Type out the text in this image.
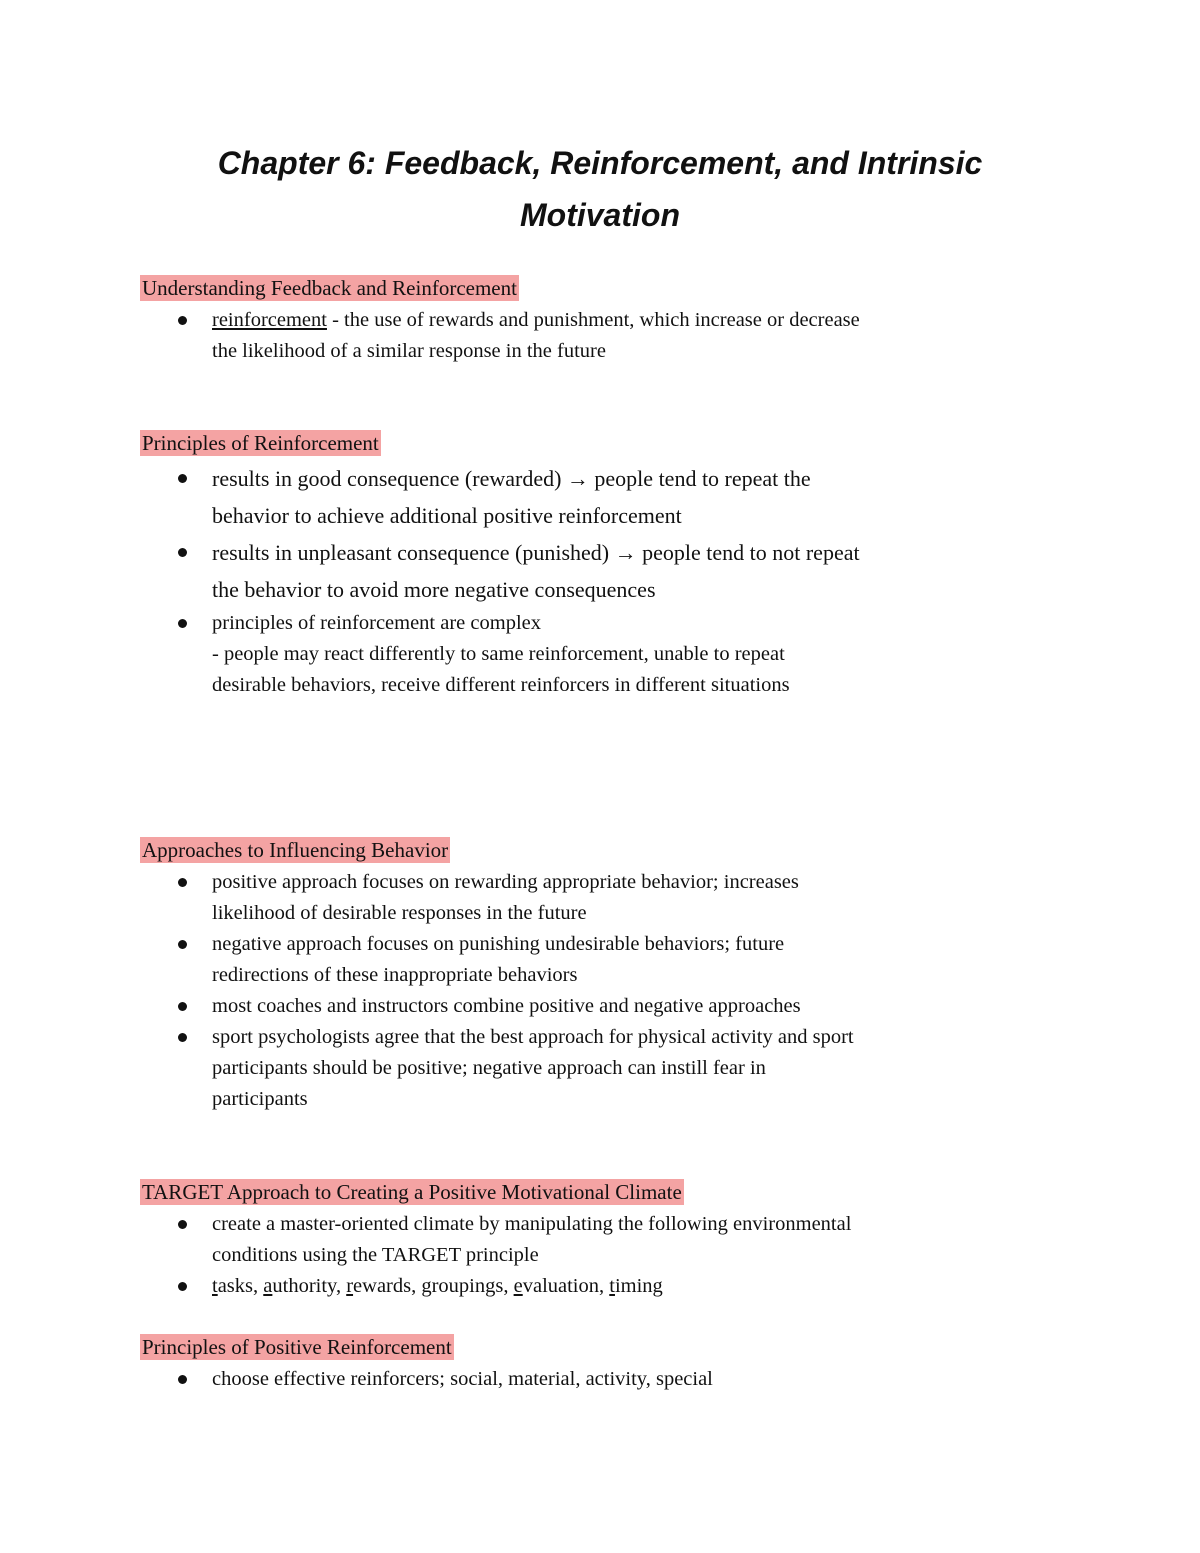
Chapter 6: Feedback, Reinforcement, and Intrinsic
Motivation
Understanding Feedback and Reinforcement
reinforcement - the use of rewards and punishment, which increase or decrease the likelihood of a similar response in the future
Principles of Reinforcement
results in good consequence (rewarded) → people tend to repeat the behavior to achieve additional positive reinforcement
results in unpleasant consequence (punished) → people tend to not repeat the behavior to avoid more negative consequences
principles of reinforcement are complex
- people may react differently to same reinforcement, unable to repeat desirable behaviors, receive different reinforcers in different situations
Approaches to Influencing Behavior
positive approach focuses on rewarding appropriate behavior; increases likelihood of desirable responses in the future
negative approach focuses on punishing undesirable behaviors; future redirections of these inappropriate behaviors
most coaches and instructors combine positive and negative approaches
sport psychologists agree that the best approach for physical activity and sport participants should be positive; negative approach can instill fear in participants
TARGET Approach to Creating a Positive Motivational Climate
create a master-oriented climate by manipulating the following environmental conditions using the TARGET principle
tasks, authority, rewards, groupings, evaluation, timing
Principles of Positive Reinforcement
choose effective reinforcers; social, material, activity, special
